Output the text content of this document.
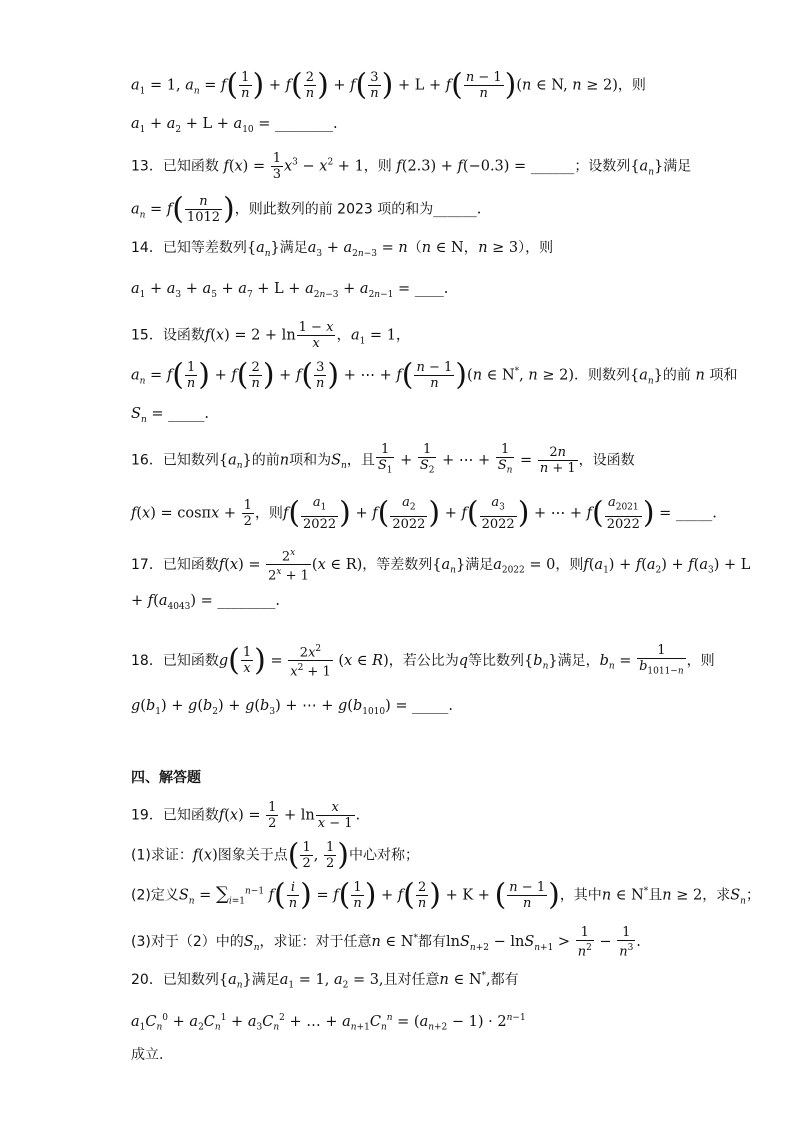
$a_1 = 1$, $a_n = f( \frac{1}{n}$ ) + $f( \frac{2}{n}$ ) + $f( \frac{3}{n}$ ) + $L + f( \frac{n - 1}{n} )(n$ ∈ N, n ≥ 2)，则
$a_1 + a_2 + L + a_{10}$ = ________.
13．已知函数 $f(x) = \frac{1}{3} x^3 - x^2 + 1$，则 f(2.3) + f(−0.3) = ______；设数列$\{a_n\}$满足
$a_n = f( \frac{n}{1012}$ )，则此数列的前 2023 项的和为______.
14．已知等差数列$\{a_n\}$满足$a_3 + a_{2n-3} = n(n$ ∈ N，n ≥ 3），则
$a_1 + a_3 + a_5 + a_7 + L + a_{2n-3} + a_{2n-1}$ = ____.
15．设函数$f(x) = 2 + \ln \frac{1 - x}{x}$ ，$a_1 = 1$，
$a_n = f( \frac{1}{n}$ ) + $f( \frac{2}{n}$ ) + $f( \frac{3}{n}$ ) + ⋯ + $f( \frac{n - 1}{n} )(n$ ∈ N*, n ≥ 2)．则数列$\{a_n\}$的前 n 项和
$S_n$ = _____.
16．已知数列$\{a_n\}$的前n项和为$S_n$，且 $\frac{1}{S_1} + \frac{1}{S_2}$ + ⋯ + $\frac{1}{S_n} = \frac{2n}{n + 1}$ ，设函数
$f(x) = \cos\pi x + \frac{1}{2}$ ，则$f( \frac{a_1}{2022}$ ) + $f( \frac{a_2}{2022}$ ) + $f( \frac{a_3}{2022}$ ) + ⋯ + $f( \frac{a_{2021}}{2022}$ ) = _____.
17．已知函数$f(x) = \frac{2^x}{2^x + 1} (x$ ∈ R)，等差数列$\{a_n\}$满足$a_{2022} = 0$，则$f(a_1) + f(a_2) + f(a_3) + L$
+ $f(a_{4043})$ = ________.
18．已知函数$g( \frac{1}{x}$ ) = $\frac{2x^2}{x^2 + 1} (x$ ∈ R)，若公比为q等比数列$\{b_n\}$满足，$b_n = \frac{1}{b_{1011-n}}$ ，则
$g(b_1) + g(b_2) + g(b_3)$ + ⋯ + $g(b_{1010})$ = _____.
四、解答题
19．已知函数$f(x) = \frac{1}{2} + \ln \frac{x}{x - 1}$ .
(1)求证：f(x)图象关于点( $\frac{1}{2}$ , $\frac{1}{2}$ )中心对称；
(2)定义$S_n = \sum_{i=1}^{n-1}$ $f( \frac{i}{n}$ ) = $f( \frac{1}{n}$ ) + $f( \frac{2}{n}$ ) + K + ( $\frac{n - 1}{n}$ )，其中n ∈ N*且n ≥ 2，求$S_n$；
(3)对于（2）中的$S_n$，求证：对于任意n ∈ N*都有$\ln S_{n+2} - \ln S_{n+1} > \frac{1}{n^2} - \frac{1}{n^3}$ .
20．已知数列$\{a_n\}$满足$a_1 = 1$, $a_2 = 3$,且对任意n ∈ N*,都有
$a_1C_n^0 + a_2C_n^1 + a_3C_n^2$ + … + $a_{n+1}C_n^n = (a_{n+2} - 1) \cdot 2^{n-1}$
成立.
